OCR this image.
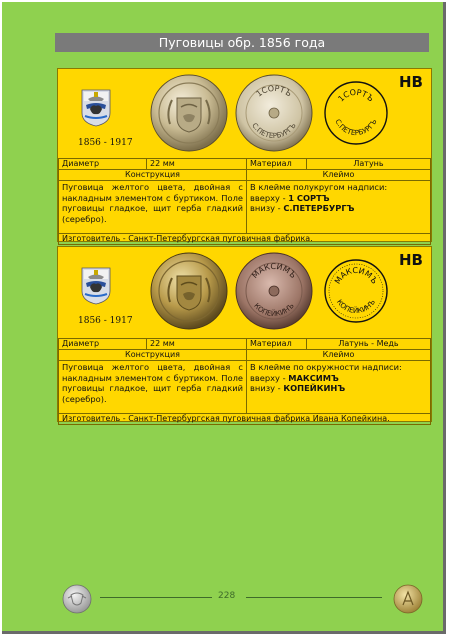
Пуговицы обр. 1856 года
1856 - 1917
1СОРТЪ
С.ПЕТЕРБУРГЪ
1СОРТЪ
С.ПЕТЕРБУРГЪ
НВ
Диаметр	22 мм	Материал	Латунь
Конструкция		Клеймо	
Пуговица желтого цвета, двойная с накладным элементом с буртиком. Поле пуговицы гладкое, щит герба гладкий (серебро).		В клейме полукругом надписи:
вверху - 1 СОРТЪ
внизу - С.ПЕТЕРБУРГЪ	

Изготовитель - Санкт-Петербургская пуговичная фабрика.			
1856 - 1917
МАКСИМЪ
КОПЕЙКИНЪ
МАКСИМЪ
КОПЕЙКИНЪ
НВ
Диаметр	22 мм	Материал	Латунь - Медь
Конструкция		Клеймо	
Пуговица желтого цвета, двойная с накладным элементом с буртиком. Поле пуговицы гладкое, щит герба гладкий (серебро).		В клейме по окружности надписи:
вверху - МАКСИМЪ
внизу - КОПЕЙКИНЪ	

Изготовитель - Санкт-Петербургская пуговичная фабрика Ивана Копейкина.			
228
